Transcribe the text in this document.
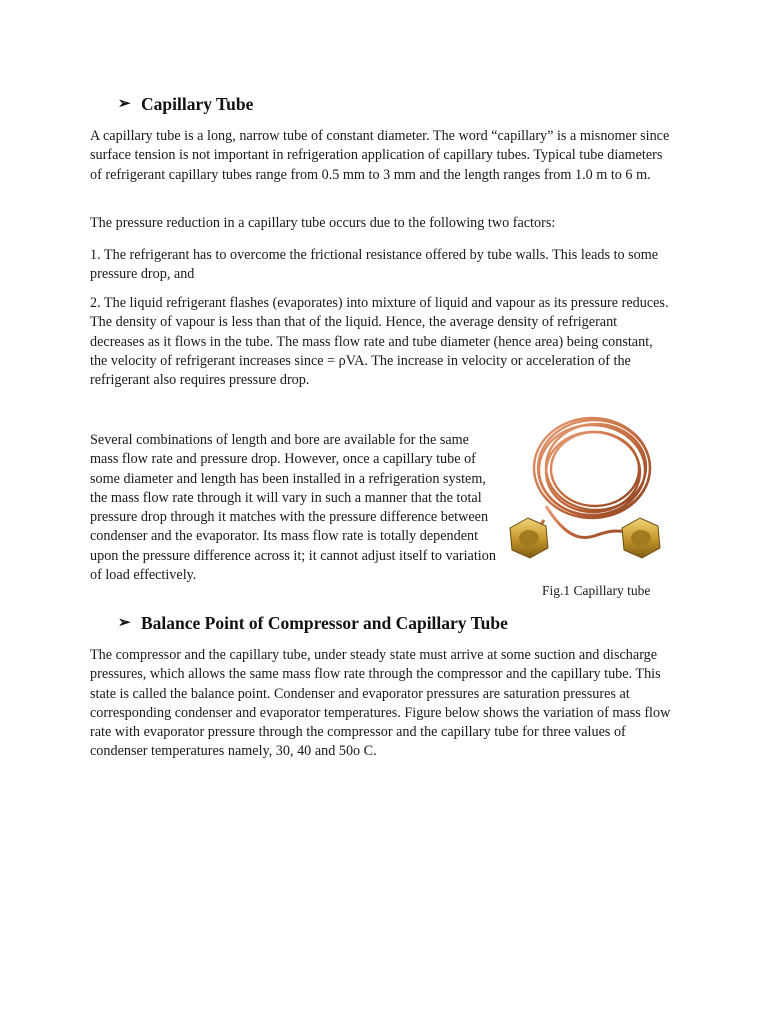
➢ Capillary Tube

A capillary tube is a long, narrow tube of constant diameter. The word “capillary” is a misnomer since surface tension is not important in refrigeration application of capillary tubes. Typical tube diameters of refrigerant capillary tubes range from 0.5 mm to 3 mm and the length ranges from 1.0 m to 6 m.

The pressure reduction in a capillary tube occurs due to the following two factors:

1. The refrigerant has to overcome the frictional resistance offered by tube walls. This leads to some pressure drop, and

2. The liquid refrigerant flashes (evaporates) into mixture of liquid and vapour as its pressure reduces. The density of vapour is less than that of the liquid. Hence, the average density of refrigerant decreases as it flows in the tube. The mass flow rate and tube diameter (hence area) being constant, the velocity of refrigerant increases since = ρVA. The increase in velocity or acceleration of the refrigerant also requires pressure drop.

Several combinations of length and bore are available for the same mass flow rate and pressure drop. However, once a capillary tube of some diameter and length has been installed in a refrigeration system, the mass flow rate through it will vary in such a manner that the total pressure drop through it matches with the pressure difference between condenser and the evaporator. Its mass flow rate is totally dependent upon the pressure difference across it; it cannot adjust itself to variation of load effectively.

Fig.1 Capillary tube
➢ Balance Point of Compressor and Capillary Tube

The compressor and the capillary tube, under steady state must arrive at some suction and discharge pressures, which allows the same mass flow rate through the compressor and the capillary tube. This state is called the balance point. Condenser and evaporator pressures are saturation pressures at corresponding condenser and evaporator temperatures. Figure below shows the variation of mass flow rate with evaporator pressure through the compressor and the capillary tube for three values of condenser temperatures namely, 30, 40 and 50o C.
